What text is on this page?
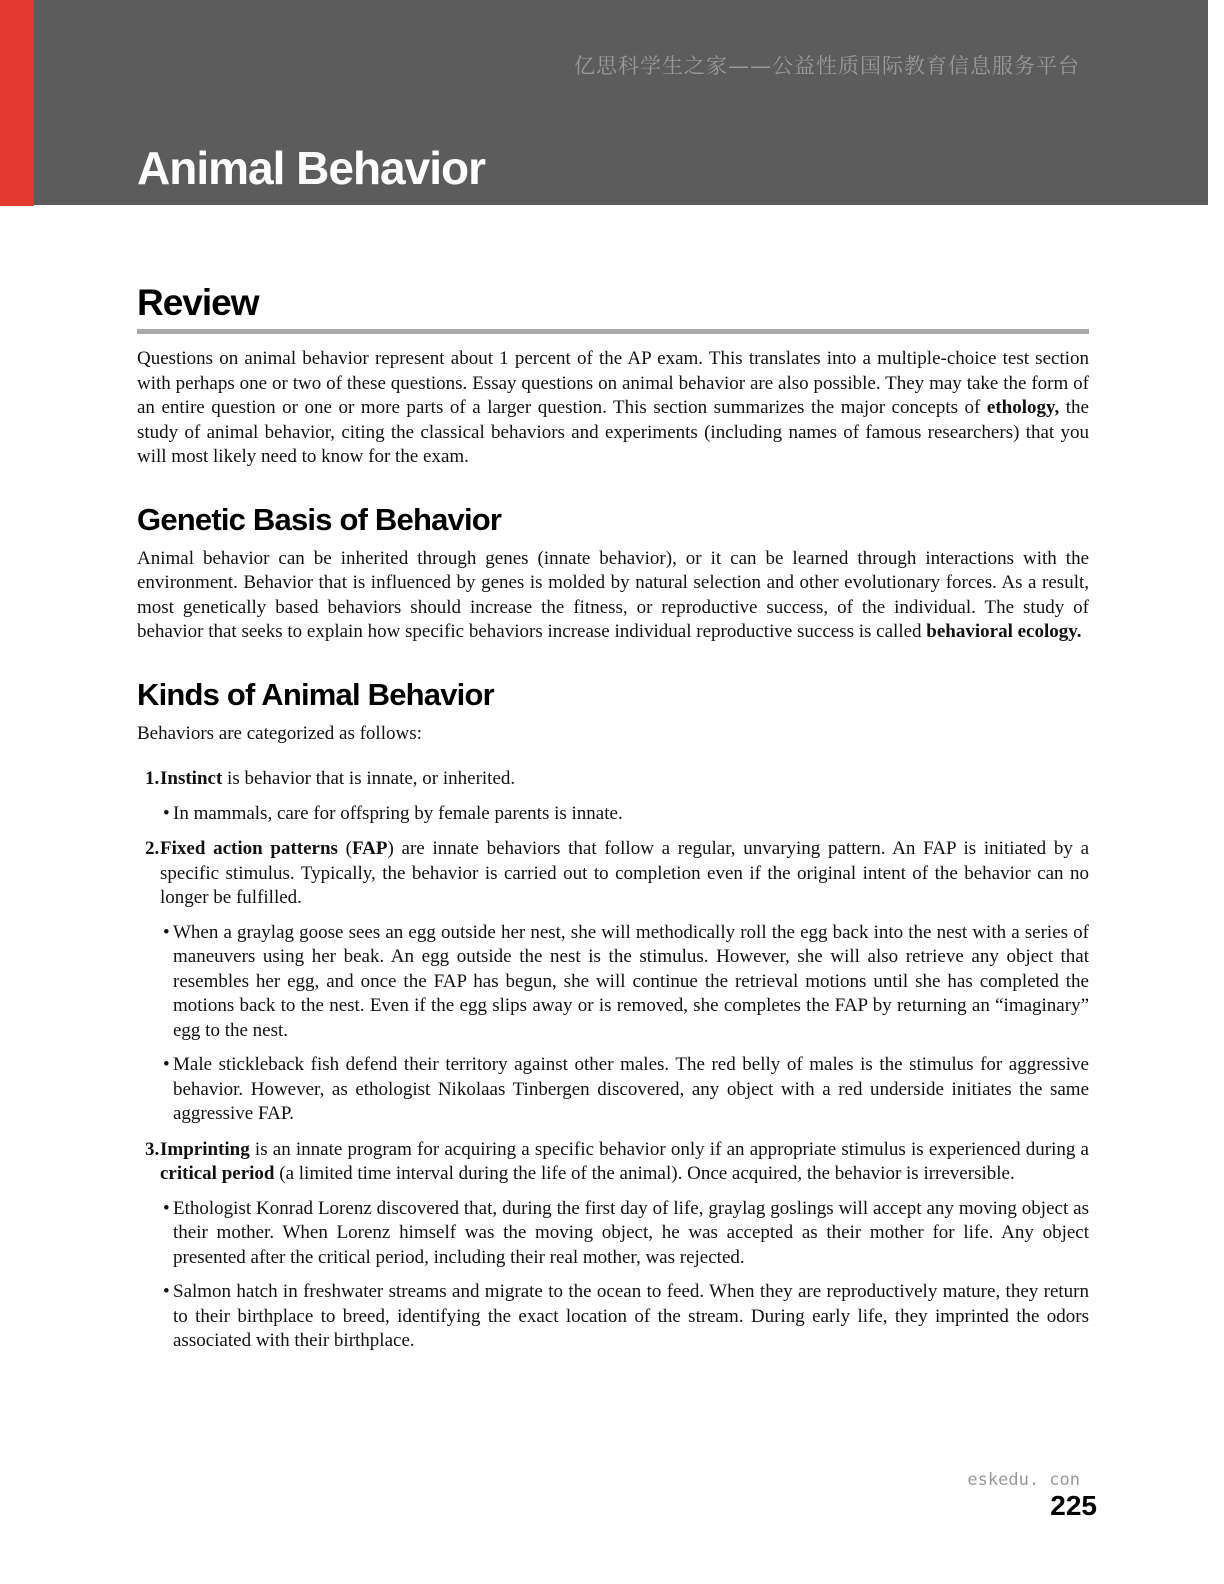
亿思科学生之家——公益性质国际教育信息服务平台
Animal Behavior
Review

Questions on animal behavior represent about 1 percent of the AP exam. This translates into a multiple-choice test section with perhaps one or two of these questions. Essay questions on animal behavior are also possible. They may take the form of an entire question or one or more parts of a larger question. This section summarizes the major concepts of ethology, the study of animal behavior, citing the classical behaviors and experiments (including names of famous researchers) that you will most likely need to know for the exam.

Genetic Basis of Behavior

Animal behavior can be inherited through genes (innate behavior), or it can be learned through interactions with the environment. Behavior that is influenced by genes is molded by natural selection and other evolutionary forces. As a result, most genetically based behaviors should increase the fitness, or reproductive success, of the individual. The study of behavior that seeks to explain how specific behaviors increase individual reproductive success is called behavioral ecology.

Kinds of Animal Behavior

Behaviors are categorized as follows:

1. Instinct is behavior that is innate, or inherited.
• In mammals, care for offspring by female parents is innate.
2. Fixed action patterns (FAP) are innate behaviors that follow a regular, unvarying pattern. An FAP is initiated by a specific stimulus. Typically, the behavior is carried out to completion even if the original intent of the behavior can no longer be fulfilled.
• When a graylag goose sees an egg outside her nest, she will methodically roll the egg back into the nest with a series of maneuvers using her beak. An egg outside the nest is the stimulus. However, she will also retrieve any object that resembles her egg, and once the FAP has begun, she will continue the retrieval motions until she has completed the motions back to the nest. Even if the egg slips away or is removed, she completes the FAP by returning an “imaginary” egg to the nest.
• Male stickleback fish defend their territory against other males. The red belly of males is the stimulus for aggressive behavior. However, as ethologist Nikolaas Tinbergen discovered, any object with a red underside initiates the same aggressive FAP.
3. Imprinting is an innate program for acquiring a specific behavior only if an appropriate stimulus is experienced during a critical period (a limited time interval during the life of the animal). Once acquired, the behavior is irreversible.
• Ethologist Konrad Lorenz discovered that, during the first day of life, graylag goslings will accept any moving object as their mother. When Lorenz himself was the moving object, he was accepted as their mother for life. Any object presented after the critical period, including their real mother, was rejected.
• Salmon hatch in freshwater streams and migrate to the ocean to feed. When they are reproductively mature, they return to their birthplace to breed, identifying the exact location of the stream. During early life, they imprinted the odors associated with their birthplace.
eskedu. con
225
